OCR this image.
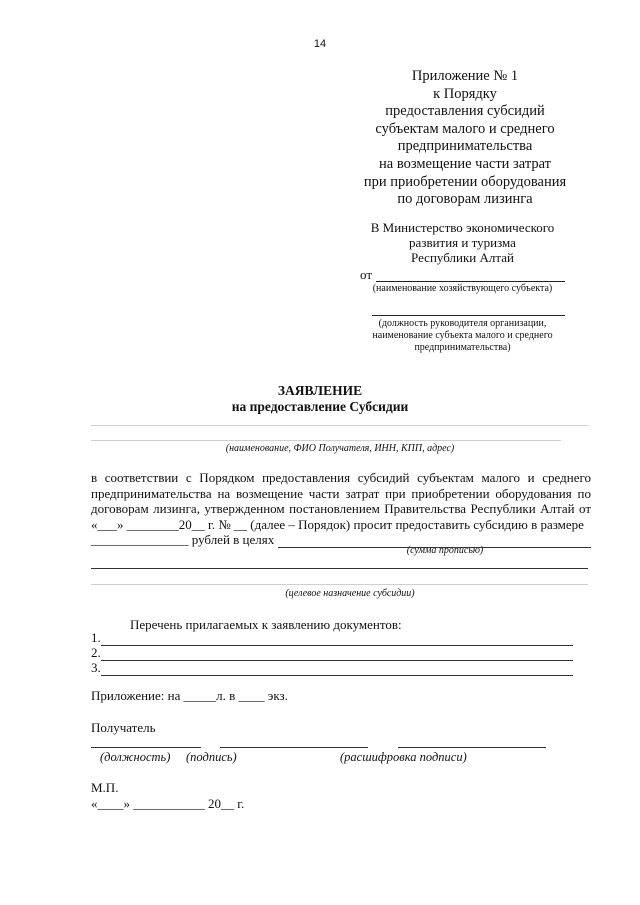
14
Приложение № 1
к Порядку
предоставления субсидий
субъектам малого и среднего
предпринимательства
на возмещение части затрат
при приобретении оборудования
по договорам лизинга
В Министерство экономического
развития и туризма
Республики Алтай
от
(наименование хозяйствующего субъекта)
(должность руководителя организации, наименование субъекта малого и среднего предпринимательства)
ЗАЯВЛЕНИЕ
на предоставление Субсидии
(наименование, ФИО Получателя, ИНН, КПП, адрес)
в соответствии с Порядком предоставления субсидий субъектам малого и среднего предпринимательства на возмещение части затрат при приобретении оборудования по договорам лизинга, утвержденном постановлением Правительства Республики Алтай от «___» ________20__ г. № __ (далее – Порядок) просит предоставить субсидию в размере
_______________ рублей в целях
(сумма прописью)
(целевое назначение субсидии)
Перечень прилагаемых к заявлению документов:
1.
2.
3.
Приложение: на _____л. в ____ экз.
Получатель
(должность) (подпись)	(расшифровка подписи)
М.П.
«____» ___________ 20__ г.
